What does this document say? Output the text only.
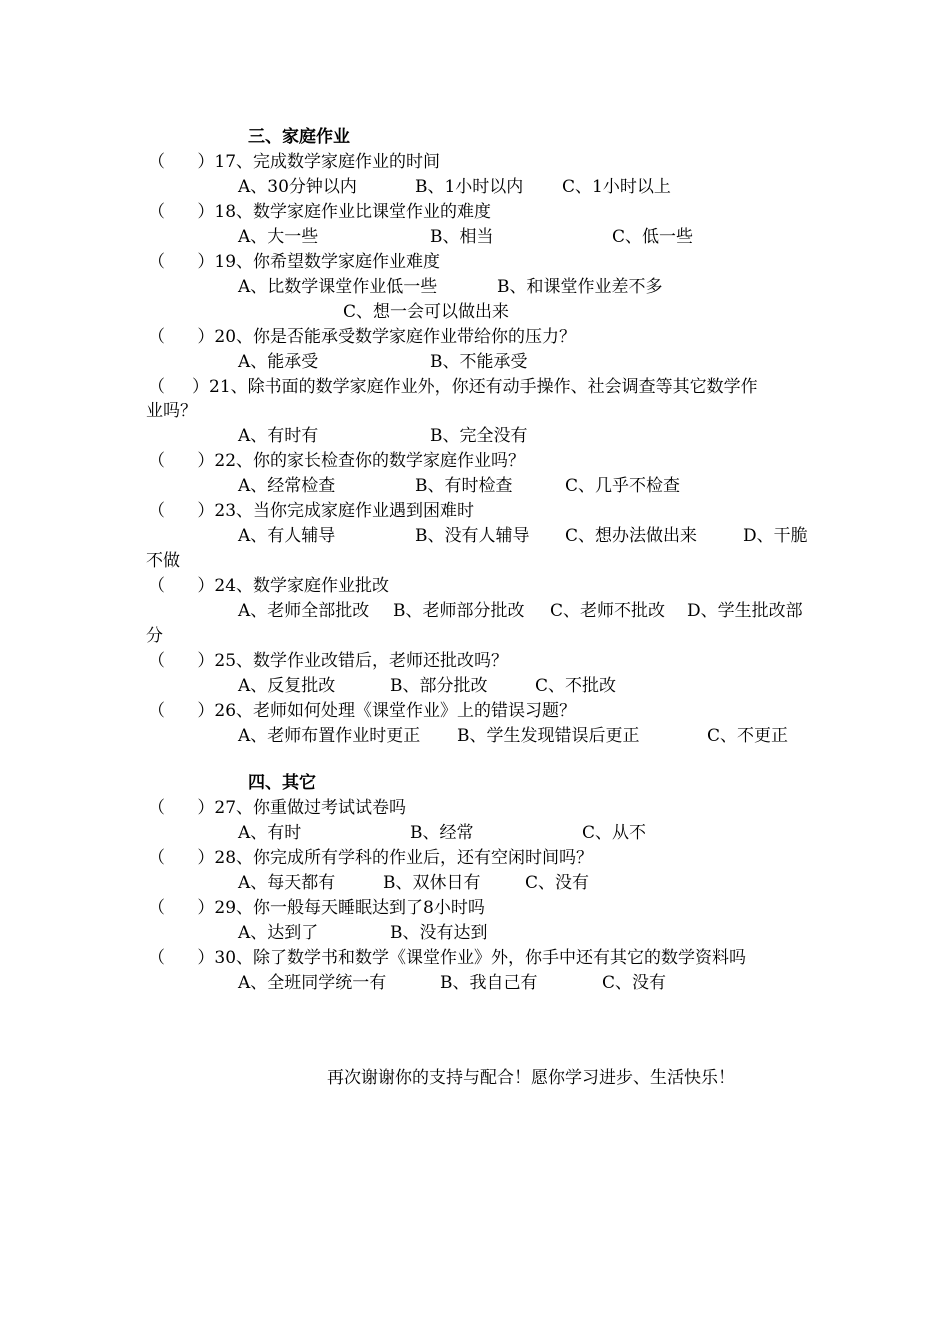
三、家庭作业
（      ）17、完成数学家庭作业的时间
A、30分钟以内	B、1小时以内 C、1小时以上
（      ）18、数学家庭作业比课堂作业的难度
A、大一些	B、相当	C、低一些
（      ）19、你希望数学家庭作业难度
A、比数学课堂作业低一些	B、和课堂作业差不多
C、想一会可以做出来
（      ）20、你是否能承受数学家庭作业带给你的压力？
A、能承受	B、不能承受
（     ）21、除书面的数学家庭作业外，你还有动手操作、社会调查等其它数学作
业吗？
A、有时有	B、完全没有
（      ）22、你的家长检查你的数学家庭作业吗？
A、经常检查	B、有时检查	C、几乎不检查
（      ）23、当你完成家庭作业遇到困难时
A、有人辅导	B、没有人辅导 C、想办法做出来	D、干脆
不做
（      ）24、数学家庭作业批改
A、老师全部批改 B、老师部分批改 C、老师不批改 D、学生批改部
分
（      ）25、数学作业改错后，老师还批改吗？
A、反复批改	B、部分批改	C、不批改
（      ）26、老师如何处理《课堂作业》上的错误习题？
A、老师布置作业时更正 B、学生发现错误后更正	C、不更正
四、其它
（      ）27、你重做过考试试卷吗
A、有时	B、经常	C、从不
（      ）28、你完成所有学科的作业后，还有空闲时间吗？
A、每天都有	B、双休日有	C、没有
（      ）29、你一般每天睡眠达到了8小时吗
A、达到了	B、没有达到
（      ）30、除了数学书和数学《课堂作业》外，你手中还有其它的数学资料吗
A、全班同学统一有	B、我自己有	C、没有
再次谢谢你的支持与配合！愿你学习进步、生活快乐！
